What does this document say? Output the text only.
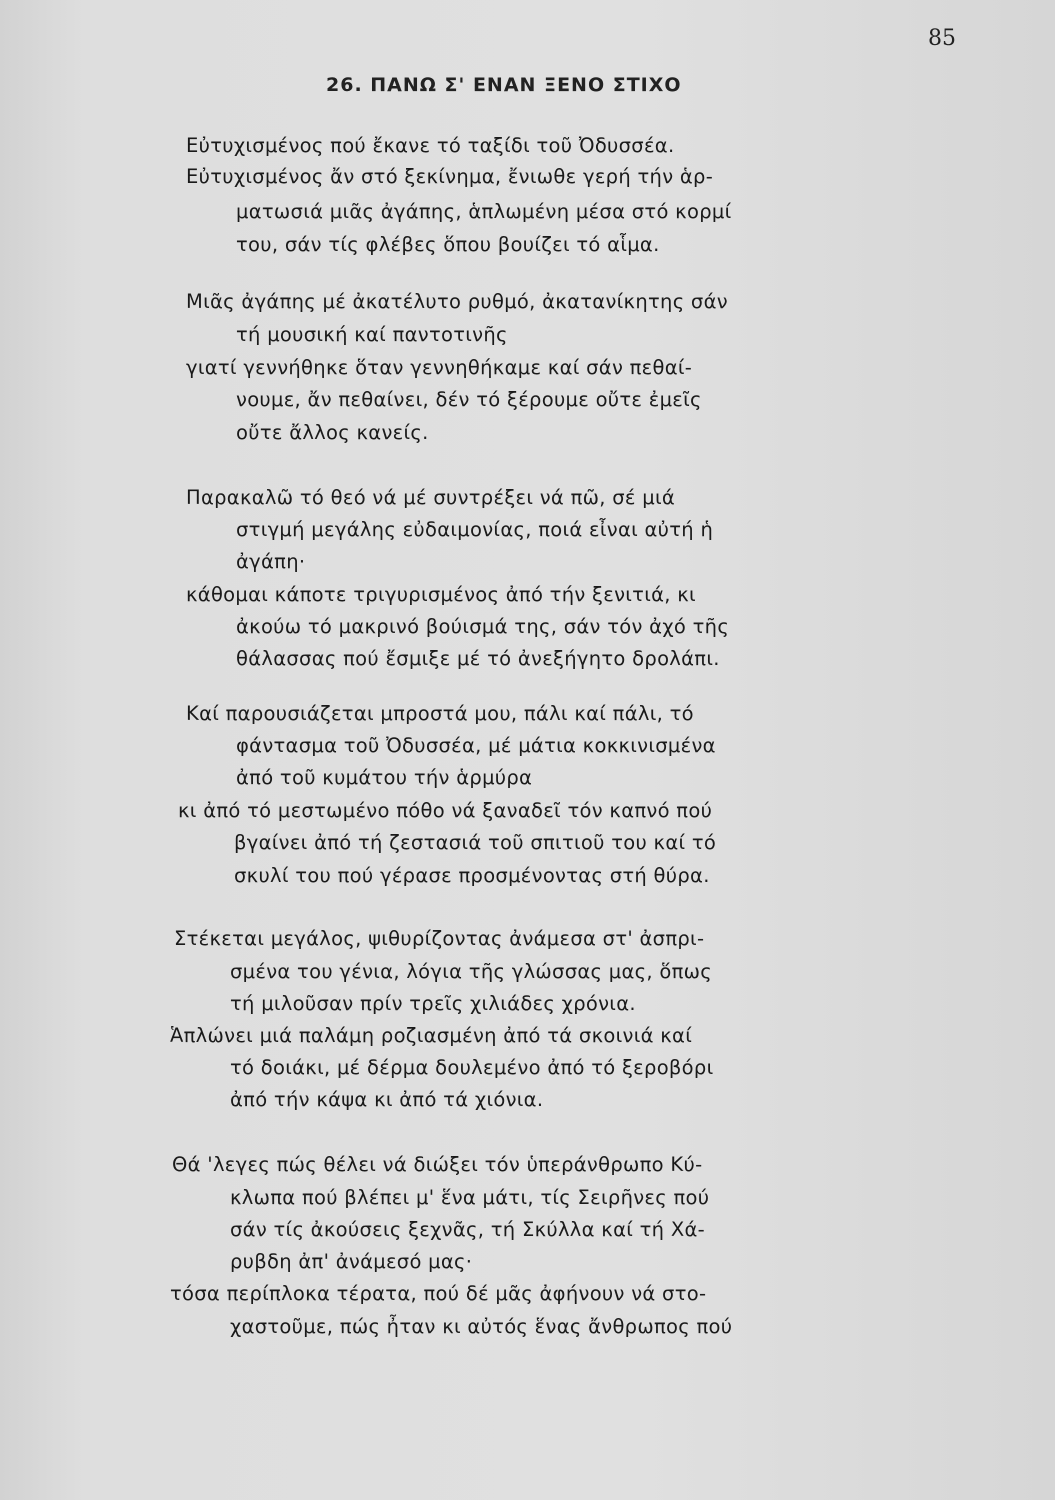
85
26. ΠΑΝΩ Σ' ΕΝΑΝ ΞΕΝΟ ΣΤΙΧΟ
Εὐτυχισμένος πού ἔκανε τό ταξίδι τοῦ Ὀδυσσέα.
Εὐτυχισμένος ἄν στό ξεκίνημα, ἔνιωθε γερή τήν ἁρ-
ματωσιά μιᾶς ἀγάπης, ἁπλωμένη μέσα στό κορμί
του, σάν τίς φλέβες ὅπου βουίζει τό αἷμα.
Μιᾶς ἀγάπης μέ ἀκατέλυτο ρυθμό, ἀκατανίκητης σάν
τή μουσική καί παντοτινῆς
γιατί γεννήθηκε ὅταν γεννηθήκαμε καί σάν πεθαί-
νουμε, ἄν πεθαίνει, δέν τό ξέρουμε οὔτε ἐμεῖς
οὔτε ἄλλος κανείς.
Παρακαλῶ τό θεό νά μέ συντρέξει νά πῶ, σέ μιά
στιγμή μεγάλης εὐδαιμονίας, ποιά εἶναι αὐτή ἡ
ἀγάπη·
κάθομαι κάποτε τριγυρισμένος ἀπό τήν ξενιτιά, κι
ἀκούω τό μακρινό βούισμά της, σάν τόν ἀχό τῆς
θάλασσας πού ἔσμιξε μέ τό ἀνεξήγητο δρολάπι.
Καί παρουσιάζεται μπροστά μου, πάλι καί πάλι, τό
φάντασμα τοῦ Ὀδυσσέα, μέ μάτια κοκκινισμένα
ἀπό τοῦ κυμάτου τήν ἁρμύρα
κι ἀπό τό μεστωμένο πόθο νά ξαναδεῖ τόν καπνό πού
βγαίνει ἀπό τή ζεστασιά τοῦ σπιτιοῦ του καί τό
σκυλί του πού γέρασε προσμένοντας στή θύρα.
Στέκεται μεγάλος, ψιθυρίζοντας ἀνάμεσα στ' ἀσπρι-
σμένα του γένια, λόγια τῆς γλώσσας μας, ὅπως
τή μιλοῦσαν πρίν τρεῖς χιλιάδες χρόνια.
Ἁπλώνει μιά παλάμη ροζιασμένη ἀπό τά σκοινιά καί
τό δοιάκι, μέ δέρμα δουλεμένο ἀπό τό ξεροβόρι
ἀπό τήν κάψα κι ἀπό τά χιόνια.
Θά 'λεγες πώς θέλει νά διώξει τόν ὑπεράνθρωπο Κύ-
κλωπα πού βλέπει μ' ἕνα μάτι, τίς Σειρῆνες πού
σάν τίς ἀκούσεις ξεχνᾶς, τή Σκύλλα καί τή Χά-
ρυβδη ἀπ' ἀνάμεσό μας·
τόσα περίπλοκα τέρατα, πού δέ μᾶς ἀφήνουν νά στο-
χαστοῦμε, πώς ἦταν κι αὐτός ἕνας ἄνθρωπος πού
